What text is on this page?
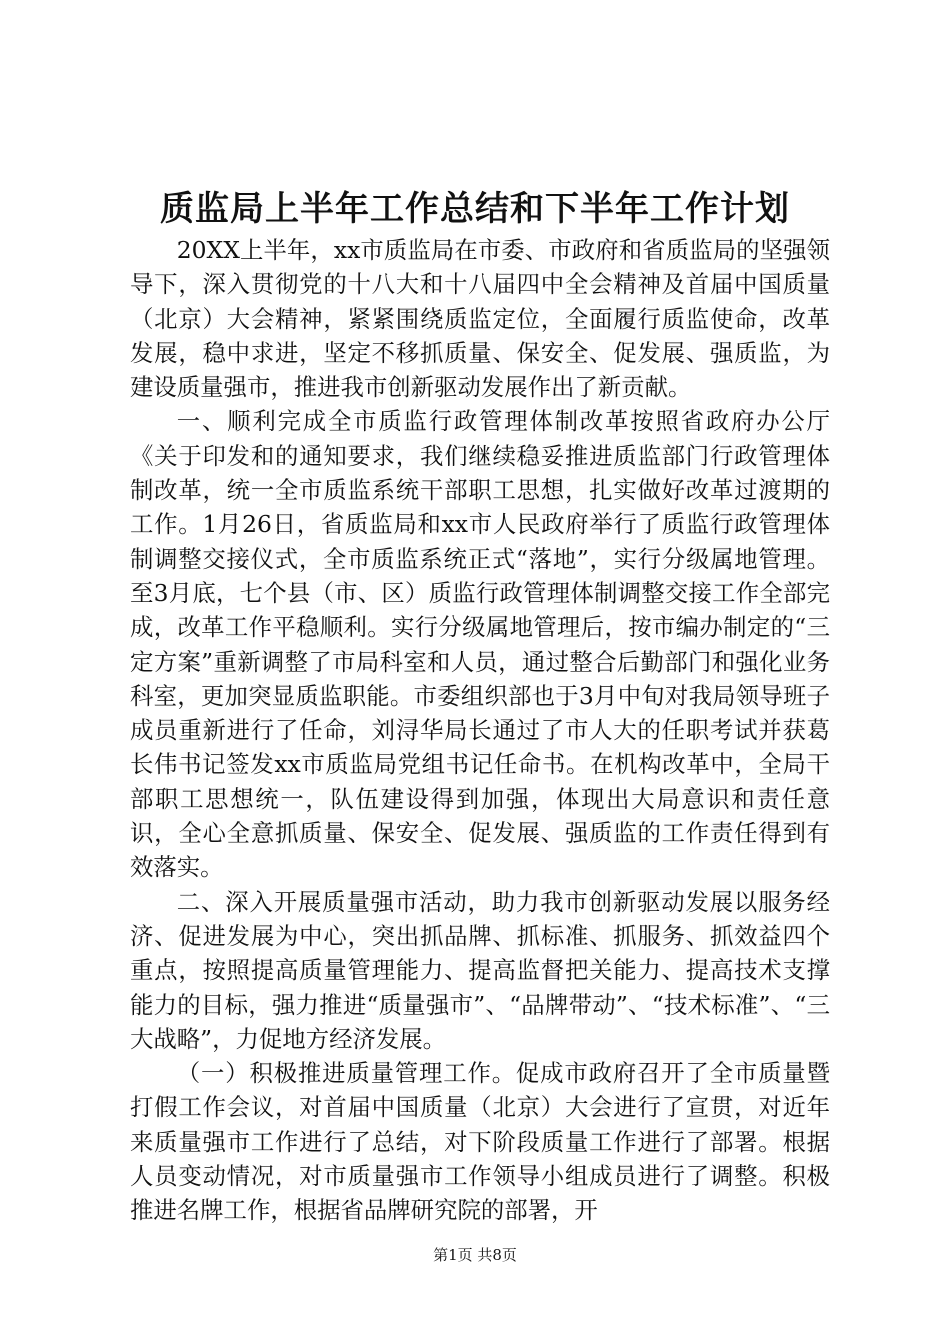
质监局上半年工作总结和下半年工作计划

20XX上半年，xx市质监局在市委、市政府和省质监局的坚强领导下，深入贯彻党的十八大和十八届四中全会精神及首届中国质量（北京）大会精神，紧紧围绕质监定位，全面履行质监使命，改革发展，稳中求进，坚定不移抓质量、保安全、促发展、强质监，为建设质量强市，推进我市创新驱动发展作出了新贡献。

一、顺利完成全市质监行政管理体制改革按照省政府办公厅《关于印发和的通知要求，我们继续稳妥推进质监部门行政管理体制改革，统一全市质监系统干部职工思想，扎实做好改革过渡期的工作。1月26日，省质监局和xx市人民政府举行了质监行政管理体制调整交接仪式，全市质监系统正式“落地”，实行分级属地管理。至3月底，七个县（市、区）质监行政管理体制调整交接工作全部完成，改革工作平稳顺利。实行分级属地管理后，按市编办制定的“三定方案”重新调整了市局科室和人员，通过整合后勤部门和强化业务科室，更加突显质监职能。市委组织部也于3月中旬对我局领导班子成员重新进行了任命，刘浔华局长通过了市人大的任职考试并获葛长伟书记签发xx市质监局党组书记任命书。在机构改革中，全局干部职工思想统一，队伍建设得到加强，体现出大局意识和责任意识，全心全意抓质量、保安全、促发展、强质监的工作责任得到有效落实。

二、深入开展质量强市活动，助力我市创新驱动发展以服务经济、促进发展为中心，突出抓品牌、抓标准、抓服务、抓效益四个重点，按照提高质量管理能力、提高监督把关能力、提高技术支撑能力的目标，强力推进“质量强市”、“品牌带动”、“技术标准”、“三大战略”，力促地方经济发展。

（一）积极推进质量管理工作。促成市政府召开了全市质量暨打假工作会议，对首届中国质量（北京）大会进行了宣贯，对近年来质量强市工作进行了总结，对下阶段质量工作进行了部署。根据人员变动情况，对市质量强市工作领导小组成员进行了调整。积极推进名牌工作，根据省品牌研究院的部署，开

第1页 共8页
